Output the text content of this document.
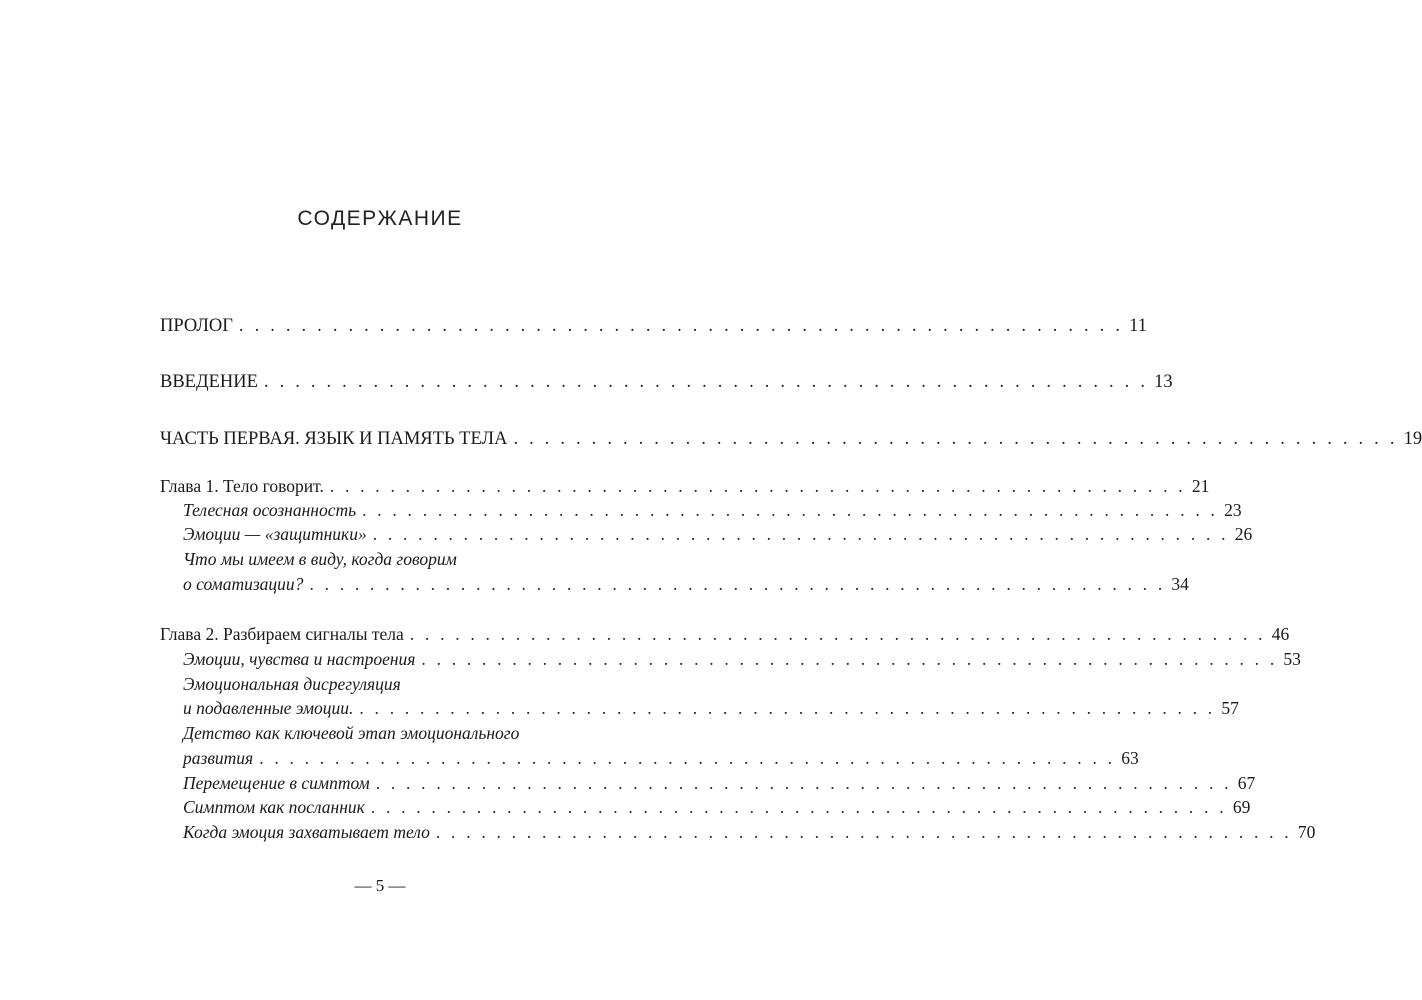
СОДЕРЖАНИЕ
ПРОЛОГ . . . . . . . . . . . . . . . . . . . . . . . . . . . . . . . . . . . . . . . . . . . . . . . . . . . . . . . . . 11
ВВЕДЕНИЕ . . . . . . . . . . . . . . . . . . . . . . . . . . . . . . . . . . . . . . . . . . . . . . . . . . . . . . . . . 13
ЧАСТЬ ПЕРВАЯ. ЯЗЫК И ПАМЯТЬ ТЕЛА . . . . . . . . . . . . . . . . . . . . . . . . . . . . . . . . . . . . . . . . . . . . . . . . . . . . . . . . . 19
Глава 1. Тело говорит. . . . . . . . . . . . . . . . . . . . . . . . . . . . . . . . . . . . . . . . . . . . . . . . . . . . . . . . . . 21
Телесная осознанность . . . . . . . . . . . . . . . . . . . . . . . . . . . . . . . . . . . . . . . . . . . . . . . . . . . . . . . . . 23
Эмоции — «защитники» . . . . . . . . . . . . . . . . . . . . . . . . . . . . . . . . . . . . . . . . . . . . . . . . . . . . . . . . . 26
Что мы имеем в виду, когда говорим
о соматизации? . . . . . . . . . . . . . . . . . . . . . . . . . . . . . . . . . . . . . . . . . . . . . . . . . . . . . . . . . 34
Глава 2. Разбираем сигналы тела . . . . . . . . . . . . . . . . . . . . . . . . . . . . . . . . . . . . . . . . . . . . . . . . . . . . . . . . . 46
Эмоции, чувства и настроения . . . . . . . . . . . . . . . . . . . . . . . . . . . . . . . . . . . . . . . . . . . . . . . . . . . . . . . . . 53
Эмоциональная дисрегуляция
и подавленные эмоции. . . . . . . . . . . . . . . . . . . . . . . . . . . . . . . . . . . . . . . . . . . . . . . . . . . . . . . . . . 57
Детство как ключевой этап эмоционального
развития . . . . . . . . . . . . . . . . . . . . . . . . . . . . . . . . . . . . . . . . . . . . . . . . . . . . . . . . . 63
Перемещение в симптом . . . . . . . . . . . . . . . . . . . . . . . . . . . . . . . . . . . . . . . . . . . . . . . . . . . . . . . . . 67
Симптом как посланник . . . . . . . . . . . . . . . . . . . . . . . . . . . . . . . . . . . . . . . . . . . . . . . . . . . . . . . . . 69
Когда эмоция захватывает тело . . . . . . . . . . . . . . . . . . . . . . . . . . . . . . . . . . . . . . . . . . . . . . . . . . . . . . . . . 70
— 5 —
